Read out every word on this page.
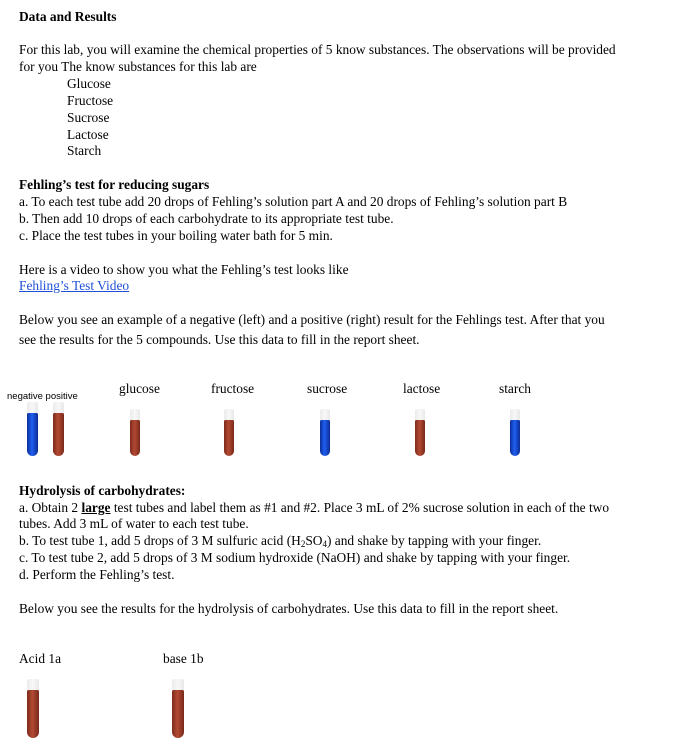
Data and Results
For this lab, you will examine the chemical properties of 5 know substances. The observations will be provided
for you The know substances for this lab are
Glucose
Fructose
Sucrose
Lactose
Starch
Fehling’s test for reducing sugars
a. To each test tube add 20 drops of Fehling’s solution part A and 20 drops of Fehling’s solution part B
b. Then add 10 drops of each carbohydrate to its appropriate test tube.
c. Place the test tubes in your boiling water bath for 5 min.
Here is a video to show you what the Fehling’s test looks like
Fehling’s Test Video
Below you see an example of a negative (left) and a positive (right) result for the Fehlings test. After that you
see the results for the 5 compounds. Use this data to fill in the report sheet.
negative positive
glucose	fructose	sucrose	lactose	starch
Hydrolysis of carbohydrates:
a. Obtain 2 large test tubes and label them as #1 and #2. Place 3 mL of 2% sucrose solution in each of the two
tubes. Add 3 mL of water to each test tube.
b. To test tube 1, add 5 drops of 3 M sulfuric acid $(H_2SO_4)$ and shake by tapping with your finger.
c. To test tube 2, add 5 drops of 3 M sodium hydroxide (NaOH) and shake by tapping with your finger.
d. Perform the Fehling’s test.
Below you see the results for the hydrolysis of carbohydrates. Use this data to fill in the report sheet.
Acid 1a	base 1b
